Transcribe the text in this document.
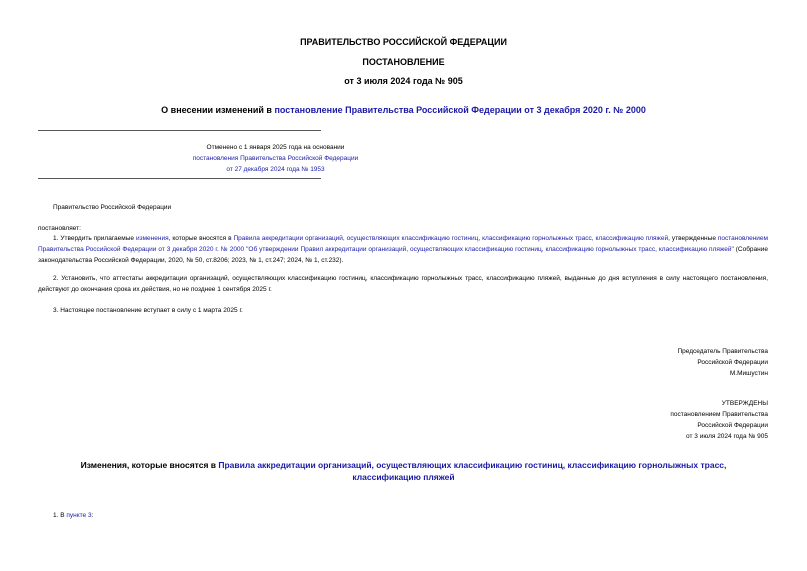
ПРАВИТЕЛЬСТВО РОССИЙСКОЙ ФЕДЕРАЦИИ
ПОСТАНОВЛЕНИЕ
от 3 июля 2024 года № 905
О внесении изменений в постановление Правительства Российской Федерации от 3 декабря 2020 г. № 2000
Отменено с 1 января 2025 года на основании
постановления Правительства Российской Федерации
от 27 декабря 2024 года № 1953
Правительство Российской Федерации
постановляет:
1. Утвердить прилагаемые изменения, которые вносятся в Правила аккредитации организаций, осуществляющих классификацию гостиниц, классификацию горнолыжных трасс, классификацию пляжей, утвержденные постановлением Правительства Российской Федерации от 3 декабря 2020 г. № 2000 "Об утверждении Правил аккредитации организаций, осуществляющих классификацию гостиниц, классификацию горнолыжных трасс, классификацию пляжей" (Собрание законодательства Российской Федерации, 2020, № 50, ст.8206; 2023, № 1, ст.247; 2024, № 1, ст.232).
2. Установить, что аттестаты аккредитации организаций, осуществляющих классификацию гостиниц, классификацию горнолыжных трасс, классификацию пляжей, выданные до дня вступления в силу настоящего постановления, действуют до окончания срока их действия, но не позднее 1 сентября 2025 г.
3. Настоящее постановление вступает в силу с 1 марта 2025 г.
Председатель Правительства
Российской Федерации
М.Мишустин
УТВЕРЖДЕНЫ
постановлением Правительства
Российской Федерации
от 3 июля 2024 года № 905
Изменения, которые вносятся в Правила аккредитации организаций, осуществляющих классификацию гостиниц, классификацию горнолыжных трасс, классификацию пляжей
1. В пункте 3:
